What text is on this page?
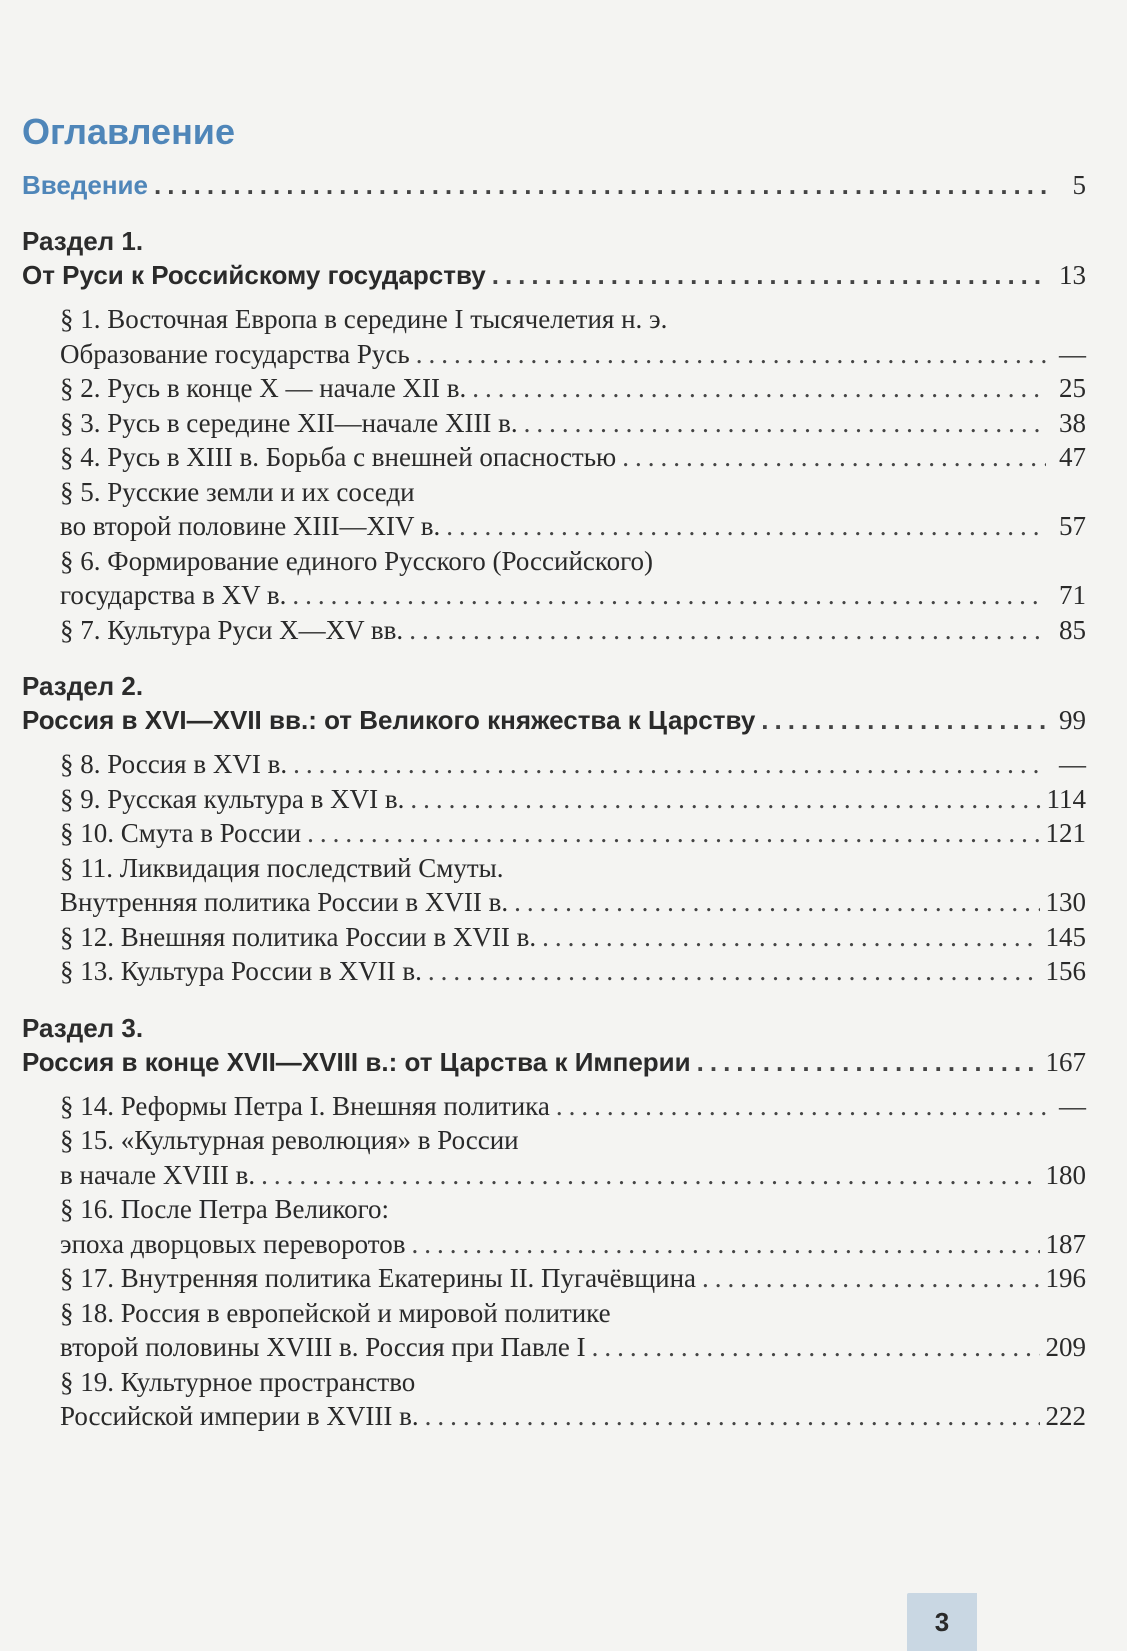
Оглавление
Введение .....	5
Раздел 1.
От Руси к Российскому государству .....	13
§ 1. Восточная Европа в середине I тысячелетия н. э.
Образование государства Русь .....	—
§ 2. Русь в конце X — начале XII в. .....	25
§ 3. Русь в середине XII—начале XIII в. .....	38
§ 4. Русь в XIII в. Борьба с внешней опасностью .....	47
§ 5. Русские земли и их соседи
во второй половине XIII—XIV в. .....	57
§ 6. Формирование единого Русского (Российского)
государства в XV в. .....	71
§ 7. Культура Руси X—XV вв. .....	85
Раздел 2.
Россия в XVI—XVII вв.: от Великого княжества к Царству .....	99
§ 8. Россия в XVI в. .....	—
§ 9. Русская культура в XVI в. .....	114
§ 10. Смута в России .....	121
§ 11. Ликвидация последствий Смуты.
Внутренняя политика России в XVII в. .....	130
§ 12. Внешняя политика России в XVII в. .....	145
§ 13. Культура России в XVII в. .....	156
Раздел 3.
Россия в конце XVII—XVIII в.: от Царства к Империи .....	167
§ 14. Реформы Петра I. Внешняя политика .....	—
§ 15. «Культурная революция» в России
в начале XVIII в. .....	180
§ 16. После Петра Великого:
эпоха дворцовых переворотов .....	187
§ 17. Внутренняя политика Екатерины II. Пугачёвщина .....	196
§ 18. Россия в европейской и мировой политике
второй половины XVIII в. Россия при Павле I .....	209
§ 19. Культурное пространство
Российской империи в XVIII в. .....	222
3
